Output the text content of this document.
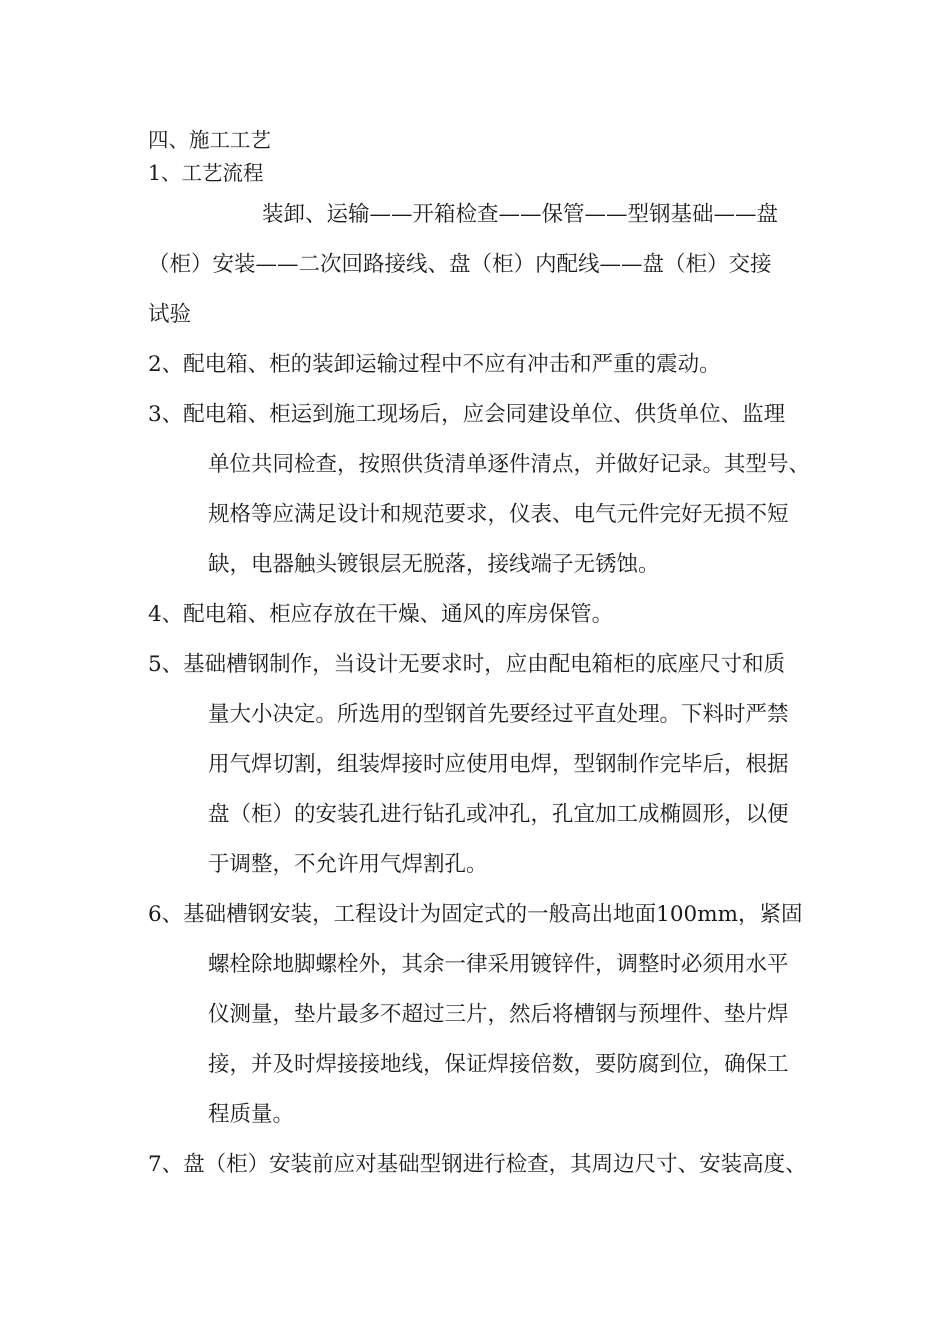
四、施工工艺
1、工艺流程
装卸、运输——开箱检查——保管——型钢基础——盘
（柜）安装——二次回路接线、盘（柜）内配线——盘（柜）交接
试验
2、配电箱、柜的装卸运输过程中不应有冲击和严重的震动。
3、配电箱、柜运到施工现场后，应会同建设单位、供货单位、监理
单位共同检查，按照供货清单逐件清点，并做好记录。其型号、
规格等应满足设计和规范要求，仪表、电气元件完好无损不短
缺，电器触头镀银层无脱落，接线端子无锈蚀。
4、配电箱、柜应存放在干燥、通风的库房保管。
5、基础槽钢制作，当设计无要求时，应由配电箱柜的底座尺寸和质
量大小决定。所选用的型钢首先要经过平直处理。下料时严禁
用气焊切割，组装焊接时应使用电焊，型钢制作完毕后，根据
盘（柜）的安装孔进行钻孔或冲孔，孔宜加工成椭圆形，以便
于调整，不允许用气焊割孔。
6、基础槽钢安装，工程设计为固定式的一般高出地面100mm，紧固
螺栓除地脚螺栓外，其余一律采用镀锌件，调整时必须用水平
仪测量，垫片最多不超过三片，然后将槽钢与预埋件、垫片焊
接，并及时焊接接地线，保证焊接倍数，要防腐到位，确保工
程质量。
7、盘（柜）安装前应对基础型钢进行检查，其周边尺寸、安装高度、
